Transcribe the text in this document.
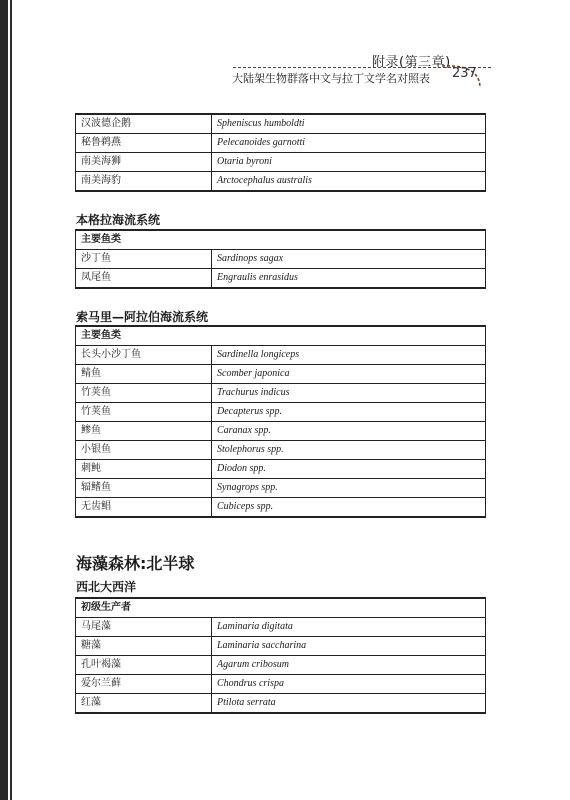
附录(第三章)
大陆架生物群落中文与拉丁文学名对照表 237
汉波德企鹅	Spheniscus humboldti
秘鲁鹈燕	Pelecanoides garnotti
南美海狮	Otaria byroni
南美海豹	Arctocephalus australis
本格拉海流系统
主要鱼类	
沙丁鱼	Sardinops sagax
凤尾鱼	Engraulis enrasidus
索马里—阿拉伯海流系统
主要鱼类	
长头小沙丁鱼	Sardinella longiceps
鲭鱼	Scomber japonica
竹荚鱼	Trachurus indicus
竹荚鱼	Decapterus spp.
鲹鱼	Caranax spp.
小银鱼	Stolephorus spp.
刺鲀	Diodon spp.
辐鳍鱼	Synagrops spp.
无齿鲳	Cubiceps spp.
海藻森林:北半球
西北大西洋
初级生产者	
马尾藻	Laminaria digitata
糖藻	Laminaria saccharina
孔叶褐藻	Agarum cribosum
爱尔兰藓	Chondrus crispa
红藻	Ptilota serrata
